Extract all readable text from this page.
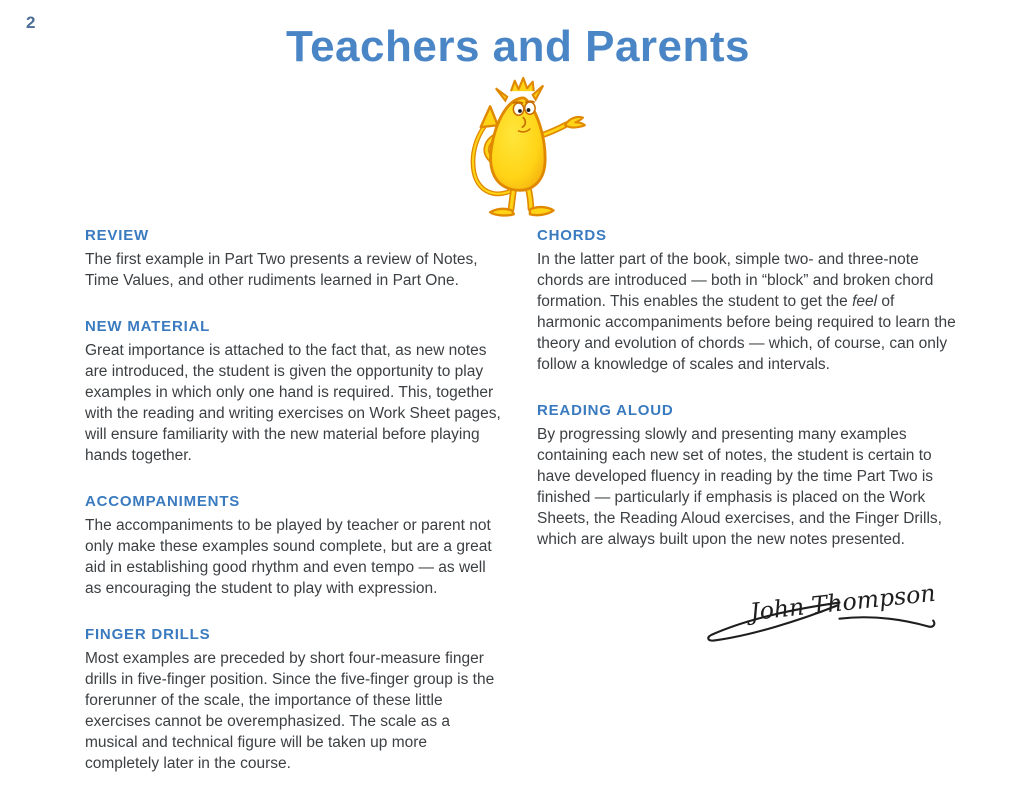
2	Teachers and Parents
REVIEW

The first example in Part Two presents a review of Notes, Time Values, and other rudiments learned in Part One.

NEW MATERIAL

Great importance is attached to the fact that, as new notes are introduced, the student is given the opportunity to play examples in which only one hand is required. This, together with the reading and writing exercises on Work Sheet pages, will ensure familiarity with the new material before playing hands together.

ACCOMPANIMENTS

The accompaniments to be played by teacher or parent not only make these examples sound complete, but are a great aid in establishing good rhythm and even tempo — as well as encouraging the student to play with expression.

FINGER DRILLS

Most examples are preceded by short four-measure finger drills in five-finger position. Since the five-finger group is the forerunner of the scale, the importance of these little exercises cannot be overemphasized. The scale as a musical and technical figure will be taken up more completely later in the course.

CHORDS

In the latter part of the book, simple two- and three-note chords are introduced — both in “block” and broken chord formation. This enables the student to get the feel of harmonic accompaniments before being required to learn the theory and evolution of chords — which, of course, can only follow a knowledge of scales and intervals.

READING ALOUD

By progressing slowly and presenting many examples containing each new set of notes, the student is certain to have developed fluency in reading by the time Part Two is finished — particularly if emphasis is placed on the Work Sheets, the Reading Aloud exercises, and the Finger Drills, which are always built upon the new notes presented.

John Thompson
